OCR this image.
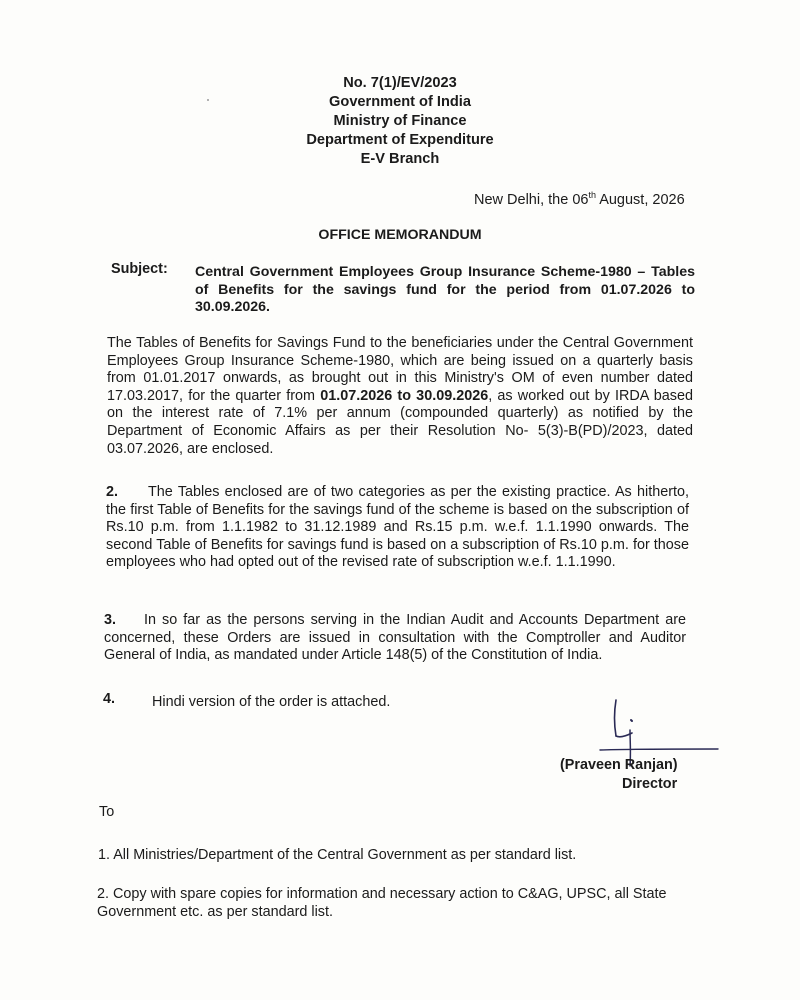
No. 7(1)/EV/2023
Government of India
Ministry of Finance
Department of Expenditure
E-V Branch
New Delhi, the 06th August, 2026
OFFICE MEMORANDUM
Subject: Central Government Employees Group Insurance Scheme-1980 – Tables of Benefits for the savings fund for the period from 01.07.2026 to 30.09.2026.
The Tables of Benefits for Savings Fund to the beneficiaries under the Central Government Employees Group Insurance Scheme-1980, which are being issued on a quarterly basis from 01.01.2017 onwards, as brought out in this Ministry's OM of even number dated 17.03.2017, for the quarter from 01.07.2026 to 30.09.2026, as worked out by IRDA based on the interest rate of 7.1% per annum (compounded quarterly) as notified by the Department of Economic Affairs as per their Resolution No- 5(3)-B(PD)/2023, dated 03.07.2026, are enclosed.
2. The Tables enclosed are of two categories as per the existing practice. As hitherto, the first Table of Benefits for the savings fund of the scheme is based on the subscription of Rs.10 p.m. from 1.1.1982 to 31.12.1989 and Rs.15 p.m. w.e.f. 1.1.1990 onwards. The second Table of Benefits for savings fund is based on a subscription of Rs.10 p.m. for those employees who had opted out of the revised rate of subscription w.e.f. 1.1.1990.
3. In so far as the persons serving in the Indian Audit and Accounts Department are concerned, these Orders are issued in consultation with the Comptroller and Auditor General of India, as mandated under Article 148(5) of the Constitution of India.
4.	Hindi version of the order is attached.
(Praveen Ranjan)
Director
To
1. All Ministries/Department of the Central Government as per standard list.
2. Copy with spare copies for information and necessary action to C&AG, UPSC, all State Government etc. as per standard list.
